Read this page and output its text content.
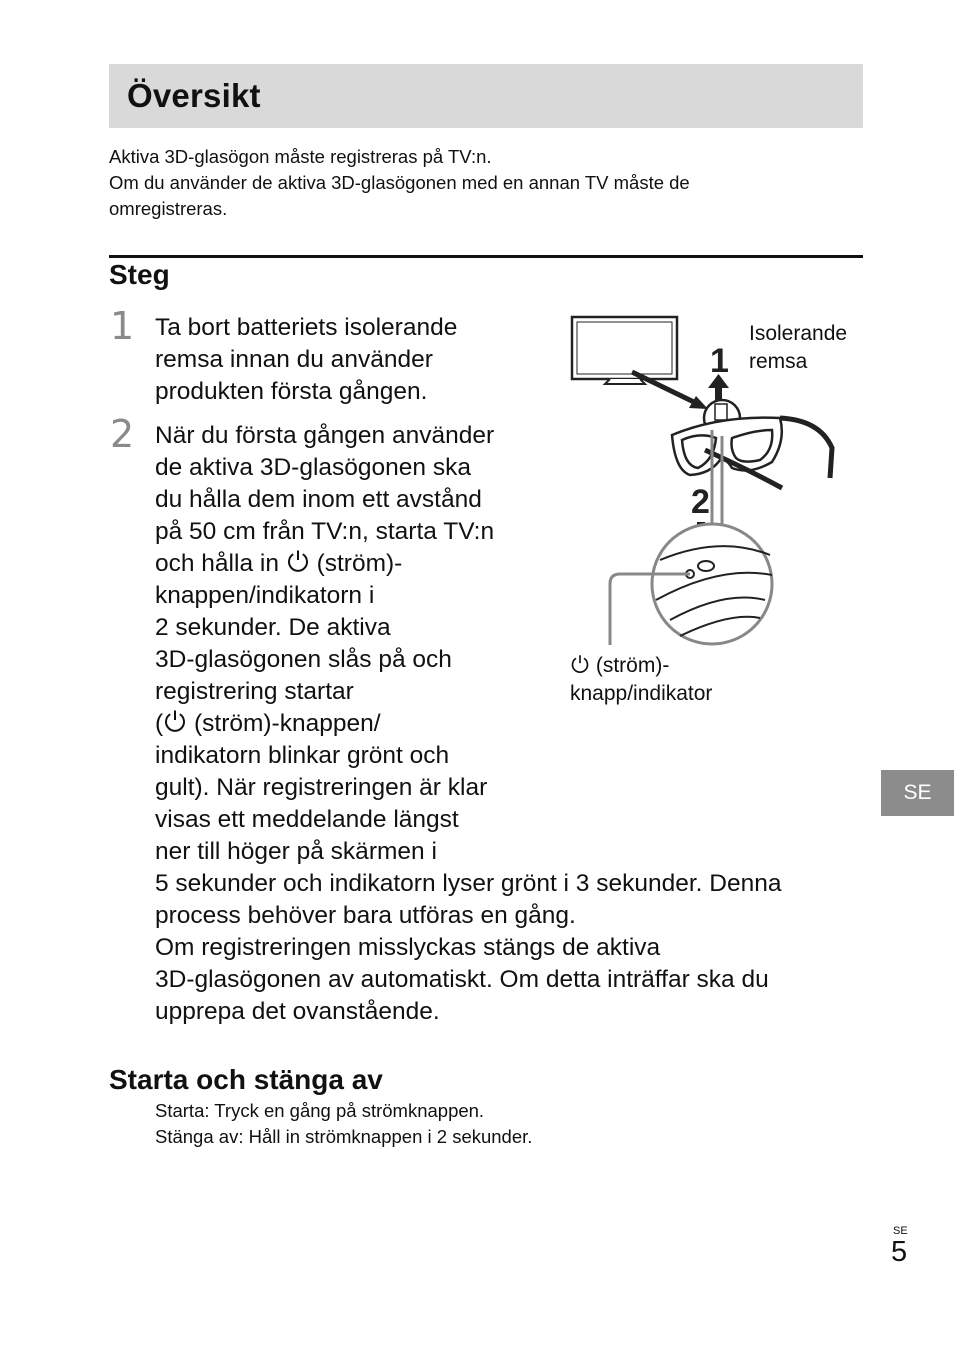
Översikt
Aktiva 3D-glasögon måste registreras på TV:n.
Om du använder de aktiva 3D-glasögonen med en annan TV måste de
omregistreras.
Steg
1
2
Ta bort batteriets isolerande
remsa innan du använder
produkten första gången.
När du första gången använder
de aktiva 3D-glasögonen ska
du hålla dem inom ett avstånd
på 50 cm från TV:n, starta TV:n
och hålla in  (ström)-
knappen/indikatorn i
2 sekunder. De aktiva
3D-glasögonen slås på och
registrering startar
( (ström)-knappen/
indikatorn blinkar grönt och
gult). När registreringen är klar
visas ett meddelande längst
ner till höger på skärmen i
5 sekunder och indikatorn lyser grönt i 3 sekunder. Denna
process behöver bara utföras en gång.
Om registreringen misslyckas stängs de aktiva
3D-glasögonen av automatiskt. Om detta inträffar ska du
upprepa det ovanstående.
1
2
Isolerande
remsa
(ström)-
knapp/indikator
SE
Starta och stänga av
Starta: Tryck en gång på strömknappen.
Stänga av: Håll in strömknappen i 2 sekunder.
SE
5
